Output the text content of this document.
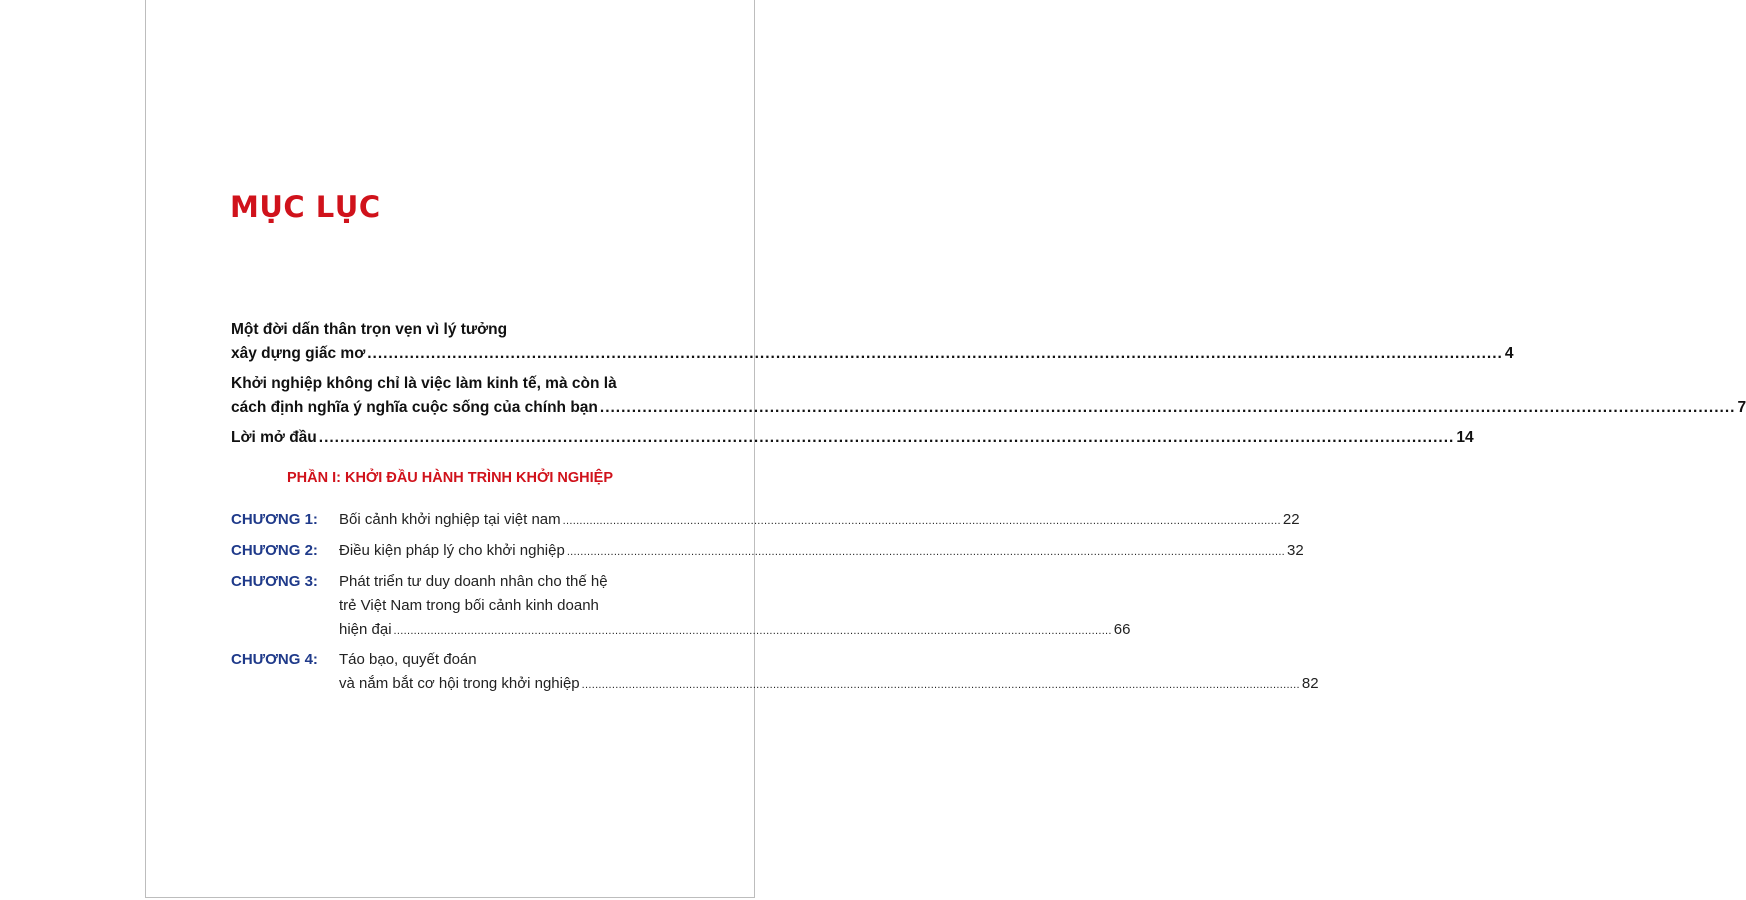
MỤC LỤC
Một đời dấn thân trọn vẹn vì lý tưởng
xây dựng giấc mơ .....	4
Khởi nghiệp không chỉ là việc làm kinh tế, mà còn là
cách định nghĩa ý nghĩa cuộc sống của chính bạn .....	7
Lời mở đầu .....	14
PHẦN I: KHỞI ĐẦU HÀNH TRÌNH KHỞI NGHIỆP
CHƯƠNG 1:	Bối cảnh khởi nghiệp tại việt nam .....	22
CHƯƠNG 2:	Điều kiện pháp lý cho khởi nghiệp .....	32
CHƯƠNG 3:	Phát triển tư duy doanh nhân cho thế hệ
trẻ Việt Nam trong bối cảnh kinh doanh
hiện đại .....	66
CHƯƠNG 4:	Táo bạo, quyết đoán
và nắm bắt cơ hội trong khởi nghiệp .....	82
